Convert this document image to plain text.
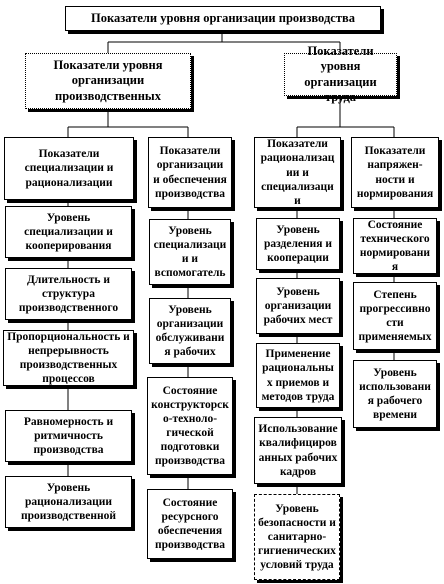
Показатели уровня организации производства
Показатели уровня организации производственных
Показатели уровня организации труда
Показатели специализации и рационализации
Показатели организации и обеспечения производства
Показатели рационализации и специализации
Показатели напряжен-ности и нормирования
Уровень специализации и кооперирования
Длительность и структура производственного
Пропорциональность и непрерывность производственных процессов
Равномерность и ритмичность производства
Уровень рационализации производственной
Уровень специализации и вспомогатель
Уровень организации обслуживания рабочих
Состояние конструкторско-техноло-гической подготовки производства
Состояние ресурсного обеспечения производства
Уровень разделения и кооперации
Уровень организации рабочих мест
Применение рациональных приемов и методов труда
Использование квалифицированных рабочих кадров
Уровень безопасности и санитарно-гигиенических условий труда
Состояние технического нормирования
Степень прогрессивности применяемых
Уровень использования рабочего времени
